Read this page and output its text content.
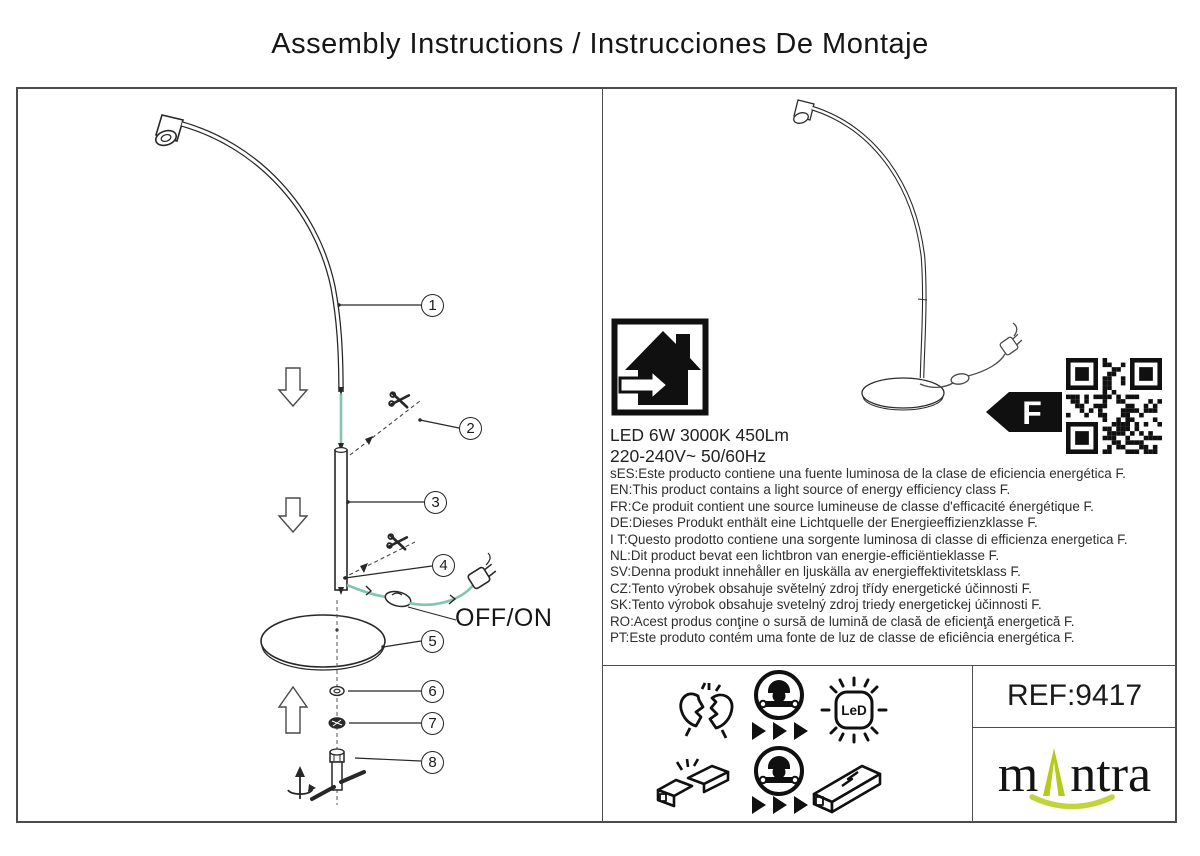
Assembly Instructions / Instrucciones De Montaje
1
2
3
4
5
6
7
8
OFF/ON
F
LED 6W 3000K 450Lm
220-240V~ 50/60Hz
sES:Este producto contiene una fuente luminosa de la clase de eficiencia energética F.
EN:This product contains a light source of energy efficiency class F.
FR:Ce produit contient une source lumineuse de classe d'efficacité énergétique F.
DE:Dieses Produkt enthält eine Lichtquelle der Energieeffizienzklasse F.
I T:Questo prodotto contiene una sorgente luminosa di classe di efficienza energetica F.
NL:Dit product bevat een lichtbron van energie-efficiëntieklasse F.
SV:Denna produkt innehåller en ljuskälla av energieffektivitetsklass F.
CZ:Tento výrobek obsahuje světelný zdroj třídy energetické účinnosti F.
SK:Tento výrobok obsahuje svetelný zdroj triedy energetickej účinnosti F.
RO:Acest produs conţine o sursă de lumină de clasă de eficienţă energetică F.
PT:Este produto contém uma fonte de luz de classe de eficiência energética F.
LeD	REF:9417
m ntra
